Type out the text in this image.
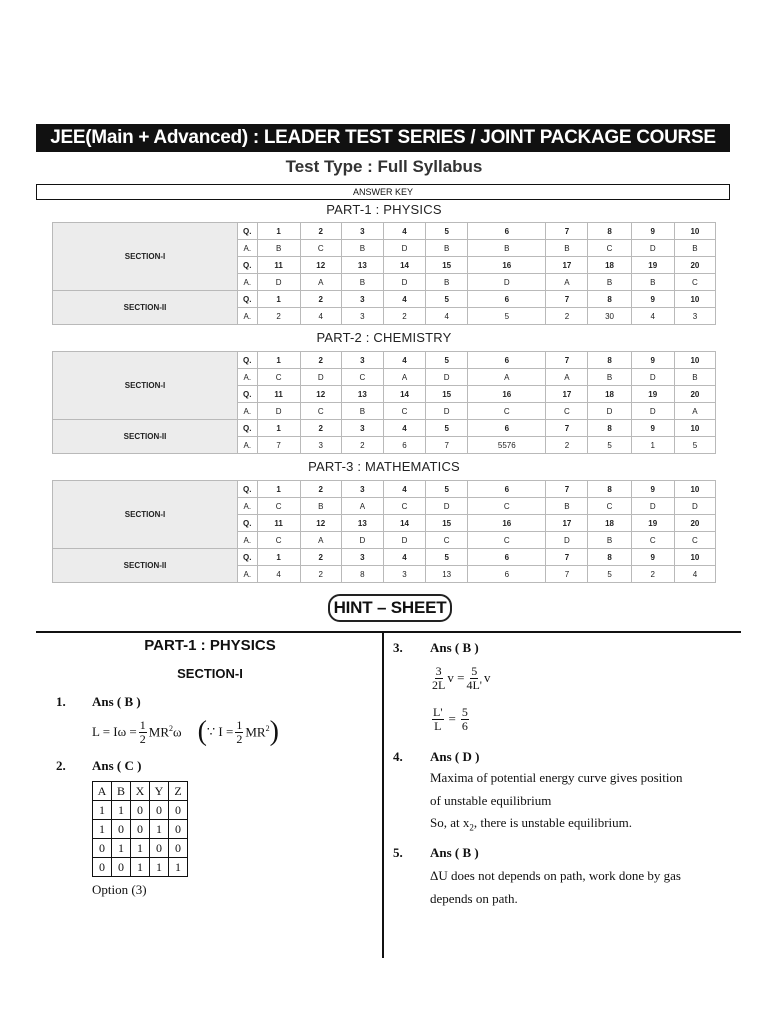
JEE(Main + Advanced) : LEADER TEST SERIES / JOINT PACKAGE COURSE
Test Type : Full Syllabus
ANSWER KEY
PART-1 : PHYSICS
SECTION-I	Q.	1	2	3	4	5	6	7	8	9	10
	A.	B	C	B	D	B	B	B	C	D	B
	Q.	11	12	13	14	15	16	17	18	19	20
	A.	D	A	B	D	B	D	A	B	B	C
SECTION-II	Q.	1	2	3	4	5	6	7	8	9	10
	A.	2	4	3	2	4	5	2	30	4	3
PART-2 : CHEMISTRY
SECTION-I	Q.	1	2	3	4	5	6	7	8	9	10
	A.	C	D	C	A	D	A	A	B	D	B
	Q.	11	12	13	14	15	16	17	18	19	20
	A.	D	C	B	C	D	C	C	D	D	A
SECTION-II	Q.	1	2	3	4	5	6	7	8	9	10
	A.	7	3	2	6	7	5576	2	5	1	5
PART-3 : MATHEMATICS
SECTION-I	Q.	1	2	3	4	5	6	7	8	9	10
	A.	C	B	A	C	D	C	B	C	D	D
	Q.	11	12	13	14	15	16	17	18	19	20
	A.	C	A	D	D	C	C	D	B	C	C
SECTION-II	Q.	1	2	3	4	5	6	7	8	9	10
	A.	4	2	8	3	13	6	7	5	2	4
HINT – SHEET
PART-1 : PHYSICS
SECTION-I
1. Ans ( B )
$L = I\omega = \frac{1}{2} MR^2\omega$ ( ∵ $I = \frac{1}{2} MR^2$ )
2. Ans ( C )
A	B	X	Y	Z
1	1	0	0	0
1	0	0	1	0
0	1	1	0	0
0	0	1	1	1
Option (3)
3. Ans ( B )
$\frac{3}{2L}$ $v = \frac{5}{4L'}$ v
$\frac{L'}{L} = \frac{5}{6}$
4. Ans ( D )
Maxima of potential energy curve gives position
of unstable equilibrium
So, at $x_2$, there is unstable equilibrium.
5. Ans ( B )
ΔU does not depends on path, work done by gas
depends on path.
